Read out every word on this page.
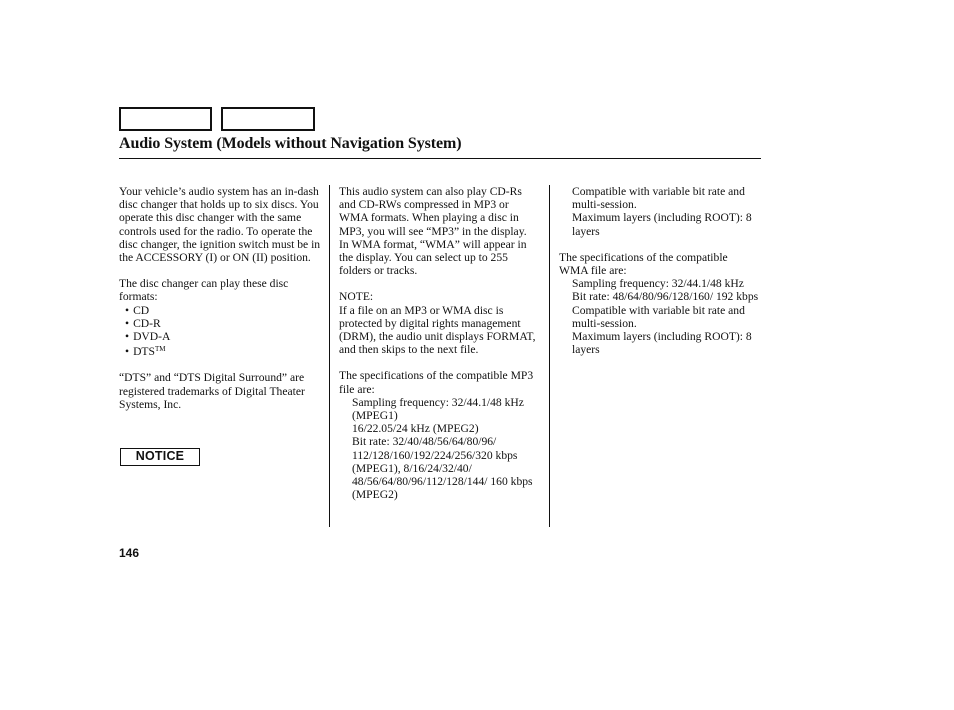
Audio System (Models without Navigation System)

Your vehicle’s audio system has an in-dash disc changer that holds up to six discs. You operate this disc changer with the same controls used for the radio. To operate the disc changer, the ignition switch must be in the ACCESSORY (I) or ON (II) position.

The disc changer can play these disc formats:

• CD
• CD-R
• DVD-A
• DTS™

“DTS” and “DTS Digital Surround” are registered trademarks of Digital Theater Systems, Inc.

NOTICE

This audio system can also play CD-Rs and CD-RWs compressed in MP3 or WMA formats. When playing a disc in MP3, you will see “MP3” in the display. In WMA format, “WMA” will appear in the display. You can select up to 255 folders or tracks.

NOTE:

If a file on an MP3 or WMA disc is protected by digital rights management (DRM), the audio unit displays FORMAT, and then skips to the next file.

The specifications of the compatible MP3 file are:
Sampling frequency: 32/44.1/48 kHz (MPEG1)
16/22.05/24 kHz (MPEG2)
Bit rate: 32/40/48/56/64/80/96/ 112/128/160/192/224/256/320 kbps (MPEG1), 8/16/24/32/40/ 48/56/64/80/96/112/128/144/ 160 kbps (MPEG2)
Compatible with variable bit rate and multi-session.

Maximum layers (including ROOT): 8 layers

The specifications of the compatible WMA file are:
Sampling frequency: 32/44.1/48 kHz
Bit rate: 48/64/80/96/128/160/ 192 kbps
Compatible with variable bit rate and multi-session.
Maximum layers (including ROOT): 8 layers
146
